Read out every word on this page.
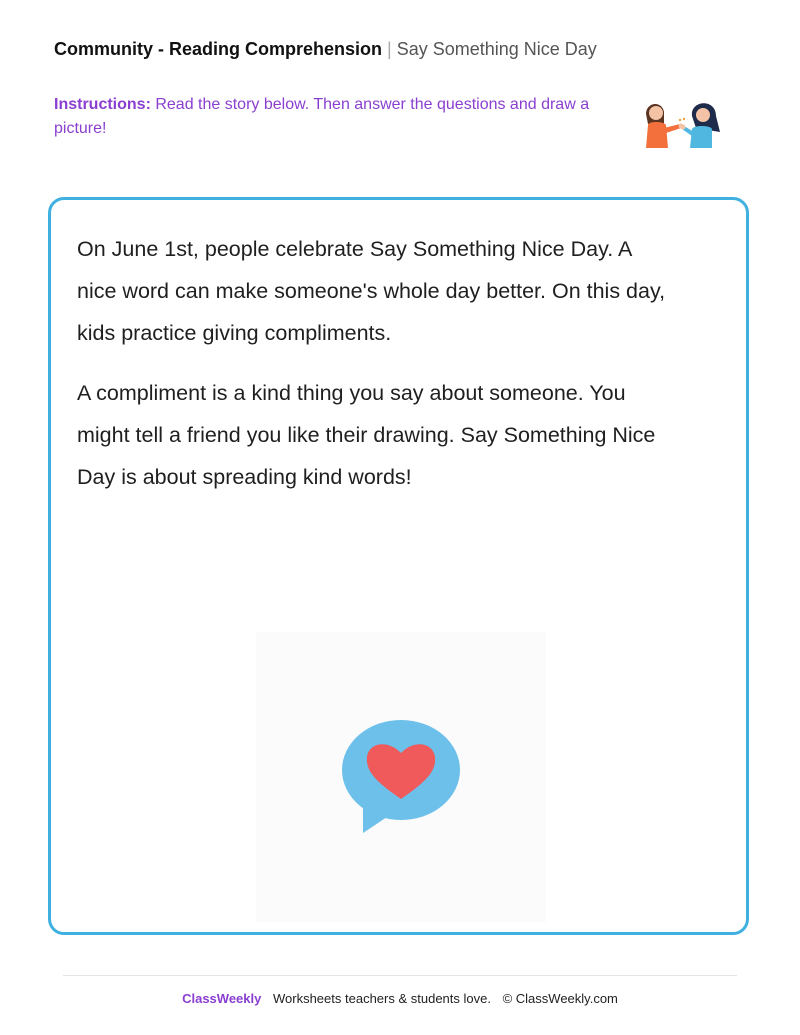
Community - Reading Comprehension | Say Something Nice Day
Instructions: Read the story below. Then answer the questions and draw a picture!

On June 1st, people celebrate Say Something Nice Day. A nice word can make someone's whole day better. On this day, kids practice giving compliments.

A compliment is a kind thing you say about someone. You might tell a friend you like their drawing. Say Something Nice Day is about spreading kind words!

ClassWeekly Worksheets teachers & students love. © ClassWeekly.com
